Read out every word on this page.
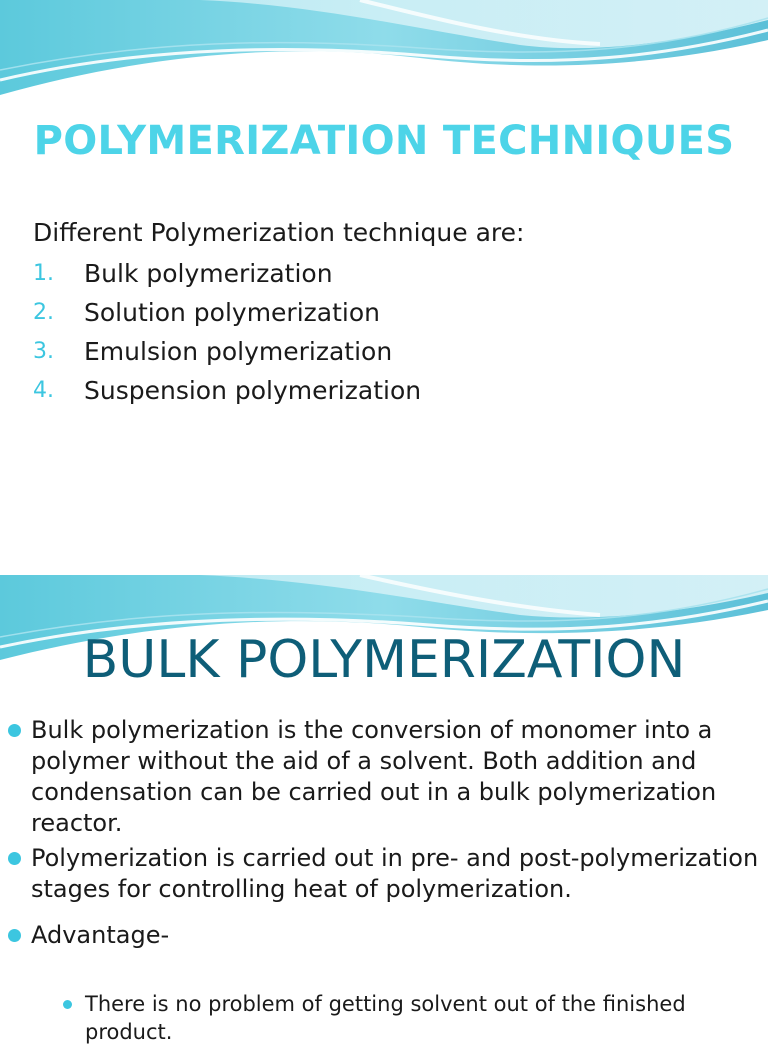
POLYMERIZATION TECHNIQUES

Different Polymerization technique are:

1.	Bulk polymerization
2.	Solution polymerization
3.	Emulsion polymerization
4.	Suspension polymerization
BULK POLYMERIZATION
Bulk polymerization is the conversion of monomer into a polymer without the aid of a solvent. Both addition and condensation can be carried out in a bulk polymerization reactor.
Polymerization is carried out in pre- and post-polymerization stages for controlling heat of polymerization.
Advantage-
There is no problem of getting solvent out of the finished product.
